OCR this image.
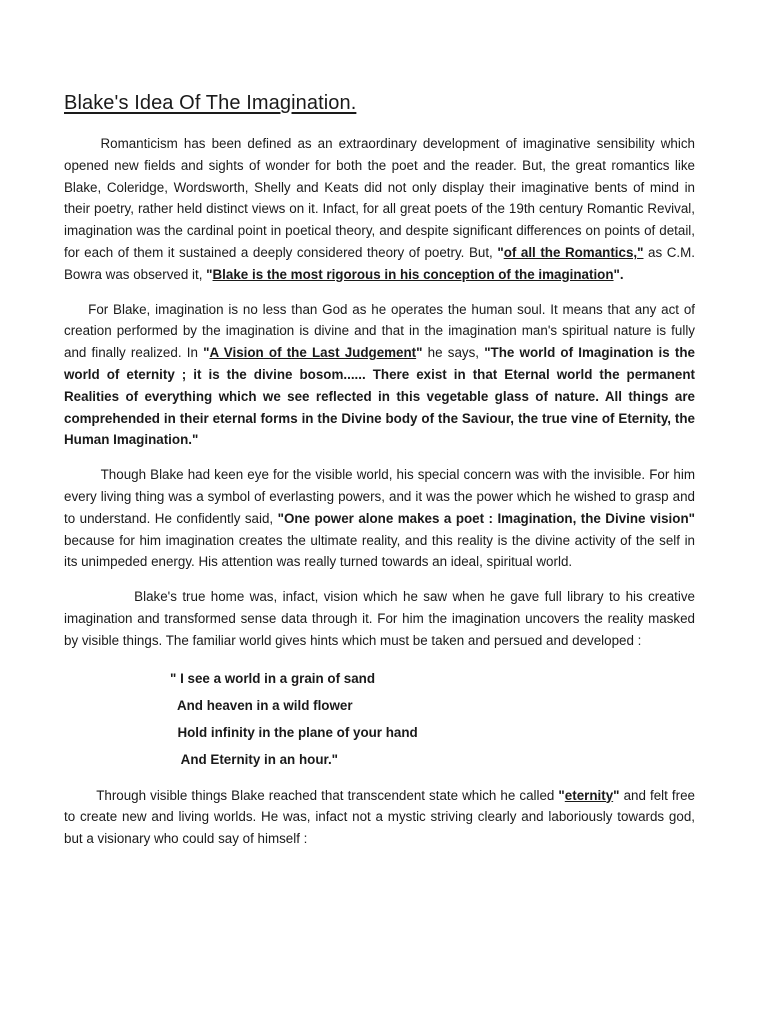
Blake's Idea Of The Imagination.

Romanticism has been defined as an extraordinary development of imaginative sensibility which opened new fields and sights of wonder for both the poet and the reader. But, the great romantics like Blake, Coleridge, Wordsworth, Shelly and Keats did not only display their imaginative bents of mind in their poetry, rather held distinct views on it. Infact, for all great poets of the 19th century Romantic Revival, imagination was the cardinal point in poetical theory, and despite significant differences on points of detail, for each of them it sustained a deeply considered theory of poetry. But, "of all the Romantics," as C.M. Bowra was observed it, "Blake is the most rigorous in his conception of the imagination".

For Blake, imagination is no less than God as he operates the human soul. It means that any act of creation performed by the imagination is divine and that in the imagination man's spiritual nature is fully and finally realized. In "A Vision of the Last Judgement" he says, "The world of Imagination is the world of eternity ; it is the divine bosom...... There exist in that Eternal world the permanent Realities of everything which we see reflected in this vegetable glass of nature. All things are comprehended in their eternal forms in the Divine body of the Saviour, the true vine of Eternity, the Human Imagination."

Though Blake had keen eye for the visible world, his special concern was with the invisible. For him every living thing was a symbol of everlasting powers, and it was the power which he wished to grasp and to understand. He confidently said, "One power alone makes a poet : Imagination, the Divine vision" because for him imagination creates the ultimate reality, and this reality is the divine activity of the self in its unimpeded energy. His attention was really turned towards an ideal, spiritual world.

Blake's true home was, infact, vision which he saw when he gave full library to his creative imagination and transformed sense data through it. For him the imagination uncovers the reality masked by visible things. The familiar world gives hints which must be taken and persued and developed :

" I see a world in a grain of sand
And heaven in a wild flower
Hold infinity in the plane of your hand
And Eternity in an hour."

Through visible things Blake reached that transcendent state which he called "eternity" and felt free to create new and living worlds. He was, infact not a mystic striving clearly and laboriously towards god, but a visionary who could say of himself :
